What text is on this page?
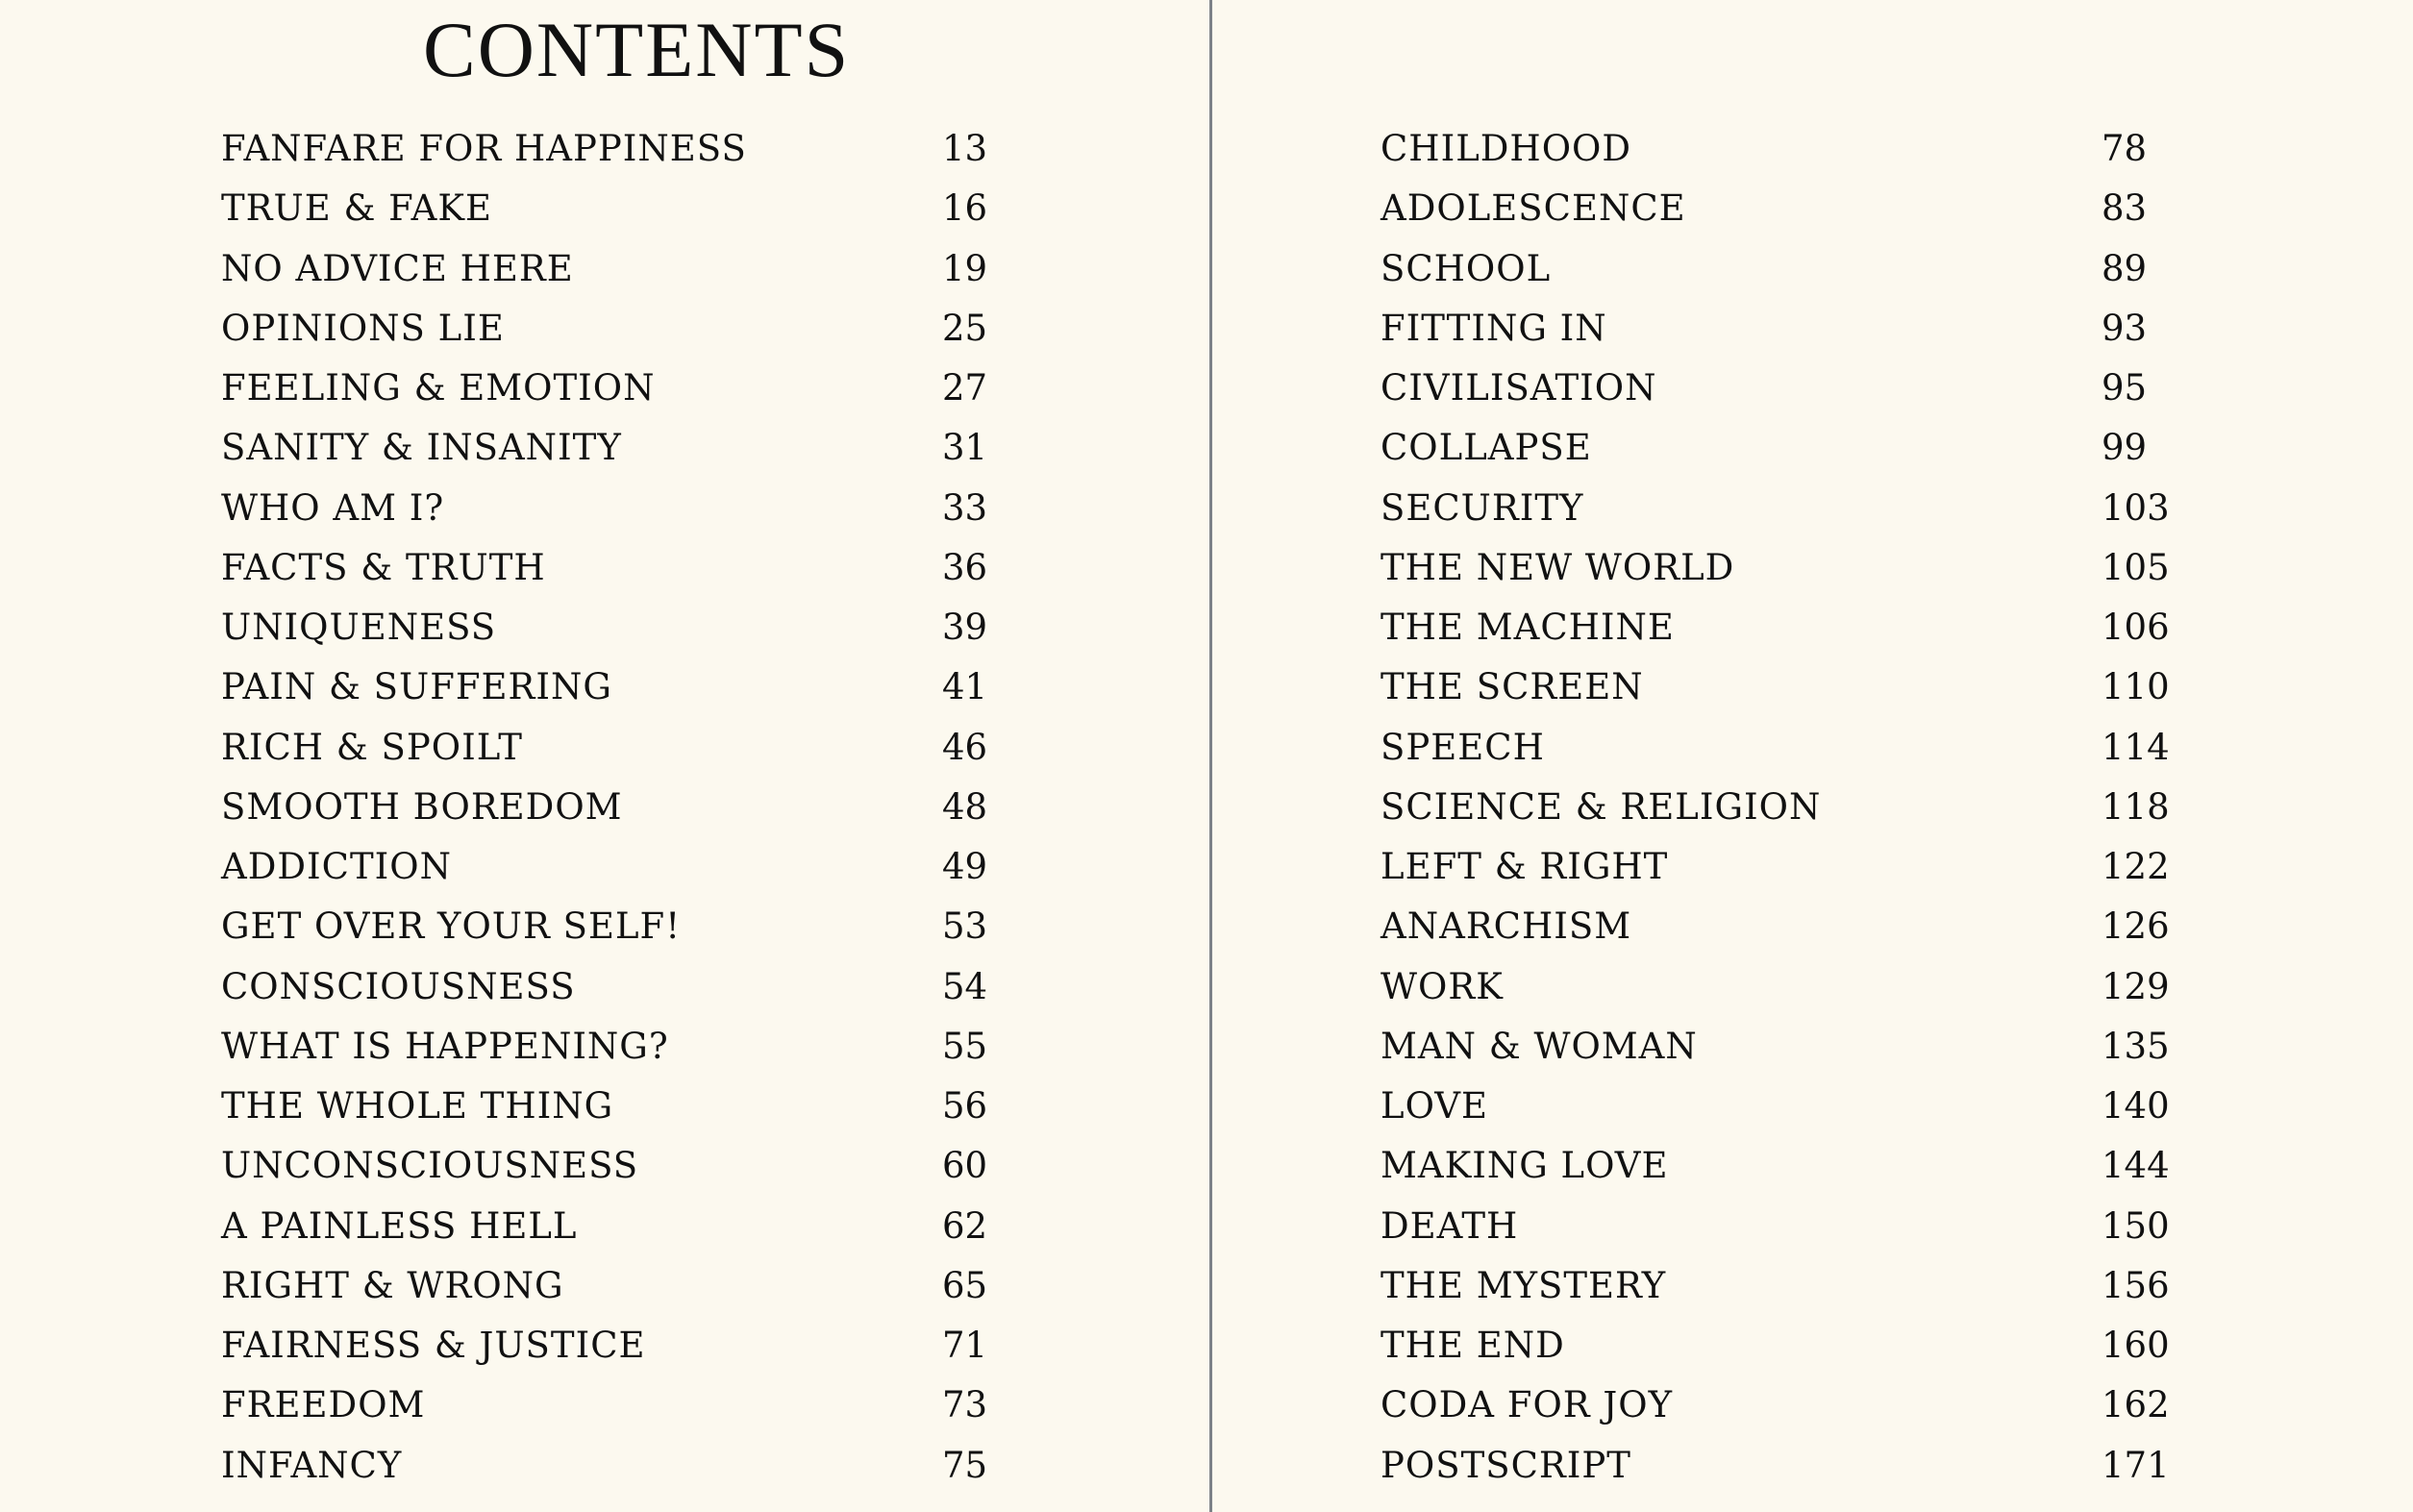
CONTENTS
FANFARE FOR HAPPINESS	13
TRUE & FAKE	16
NO ADVICE HERE	19
OPINIONS LIE	25
FEELING & EMOTION	27
SANITY & INSANITY	31
WHO AM I?	33
FACTS & TRUTH	36
UNIQUENESS	39
PAIN & SUFFERING	41
RICH & SPOILT	46
SMOOTH BOREDOM	48
ADDICTION	49
GET OVER YOUR SELF!	53
CONSCIOUSNESS	54
WHAT IS HAPPENING?	55
THE WHOLE THING	56
UNCONSCIOUSNESS	60
A PAINLESS HELL	62
RIGHT & WRONG	65
FAIRNESS & JUSTICE	71
FREEDOM	73
INFANCY	75
CHILDHOOD	78
ADOLESCENCE	83
SCHOOL	89
FITTING IN	93
CIVILISATION	95
COLLAPSE	99
SECURITY	103
THE NEW WORLD	105
THE MACHINE	106
THE SCREEN	110
SPEECH	114
SCIENCE & RELIGION	118
LEFT & RIGHT	122
ANARCHISM	126
WORK	129
MAN & WOMAN	135
LOVE	140
MAKING LOVE	144
DEATH	150
THE MYSTERY	156
THE END	160
CODA FOR JOY	162
POSTSCRIPT	171
